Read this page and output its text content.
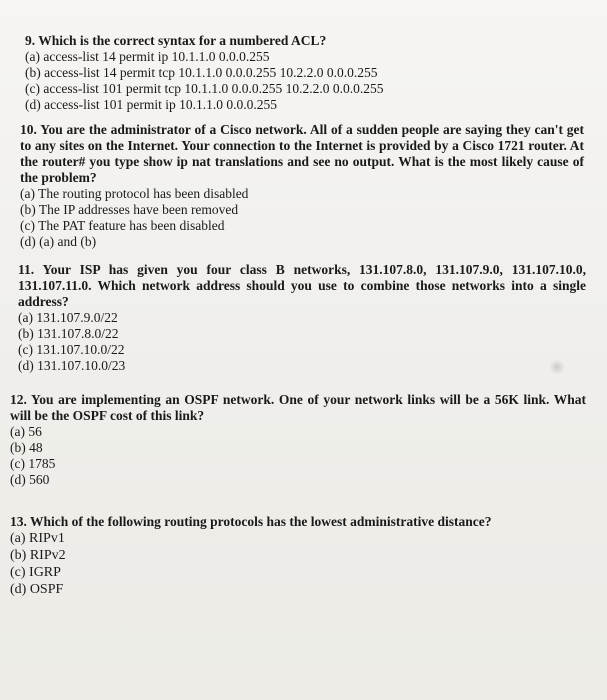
9. Which is the correct syntax for a numbered ACL?

(a) access-list 14 permit ip 10.1.1.0 0.0.0.255
(b) access-list 14 permit tcp 10.1.1.0 0.0.0.255 10.2.2.0 0.0.0.255
(c) access-list 101 permit tcp 10.1.1.0 0.0.0.255 10.2.2.0 0.0.0.255
(d) access-list 101 permit ip 10.1.1.0 0.0.0.255

10. You are the administrator of a Cisco network. All of a sudden people are saying they can't get to any sites on the Internet. Your connection to the Internet is provided by a Cisco 1721 router. At the router# you type show ip nat translations and see no output. What is the most likely cause of the problem?

(a) The routing protocol has been disabled
(b) The IP addresses have been removed
(c) The PAT feature has been disabled
(d) (a) and (b)

11. Your ISP has given you four class B networks, 131.107.8.0, 131.107.9.0, 131.107.10.0, 131.107.11.0. Which network address should you use to combine those networks into a single address?

(a) 131.107.9.0/22
(b) 131.107.8.0/22
(c) 131.107.10.0/22
(d) 131.107.10.0/23

12. You are implementing an OSPF network. One of your network links will be a 56K link. What will be the OSPF cost of this link?

(a) 56
(b) 48
(c) 1785
(d) 560

13. Which of the following routing protocols has the lowest administrative distance?

(a) RIPv1
(b) RIPv2
(c) IGRP
(d) OSPF
